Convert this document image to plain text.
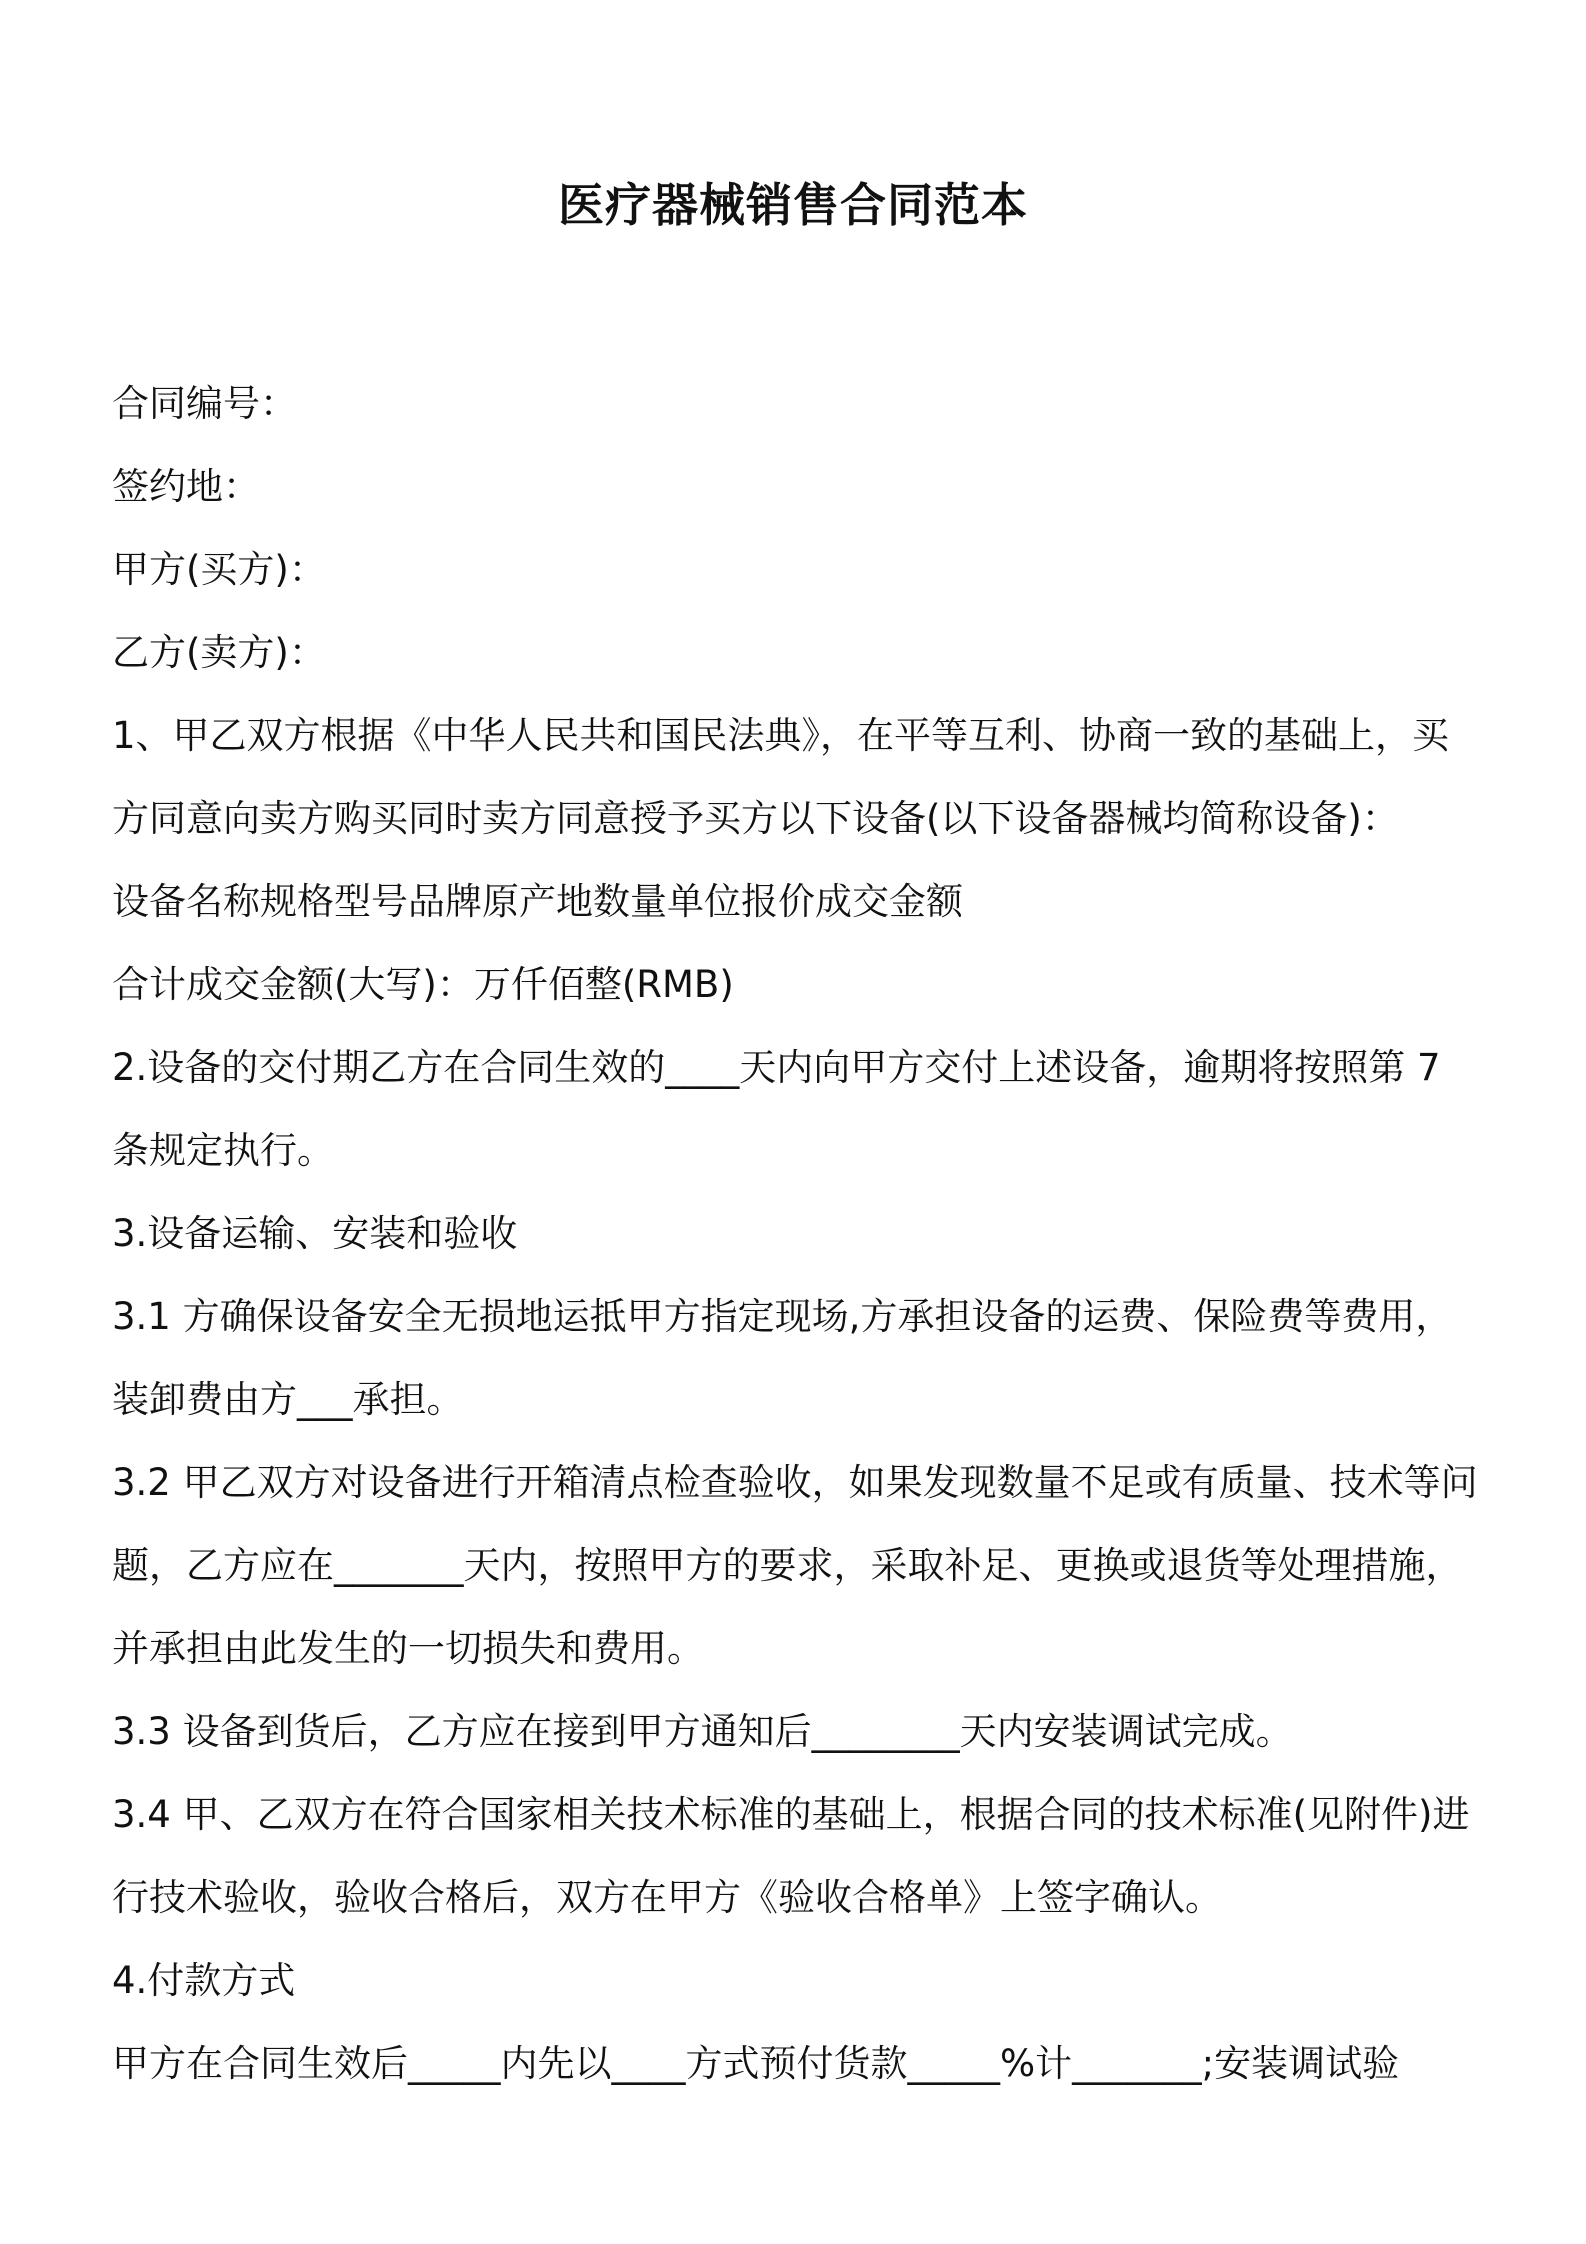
医疗器械销售合同范本
合同编号：
签约地：
甲方(买方)：
乙方(卖方)：
1、甲乙双方根据《中华人民共和国民法典》，在平等互利、协商一致的基础上，买
方同意向卖方购买同时卖方同意授予买方以下设备(以下设备器械均简称设备)：
设备名称规格型号品牌原产地数量单位报价成交金额
合计成交金额(大写)：万仟佰整(RMB)
2.设备的交付期乙方在合同生效的____天内向甲方交付上述设备，逾期将按照第 7
条规定执行。
3.设备运输、安装和验收
3.1 方确保设备安全无损地运抵甲方指定现场,方承担设备的运费、保险费等费用，
装卸费由方___承担。
3.2 甲乙双方对设备进行开箱清点检查验收，如果发现数量不足或有质量、技术等问
题，乙方应在_______天内，按照甲方的要求，采取补足、更换或退货等处理措施，
并承担由此发生的一切损失和费用。
3.3 设备到货后，乙方应在接到甲方通知后________天内安装调试完成。
3.4 甲、乙双方在符合国家相关技术标准的基础上，根据合同的技术标准(见附件)进
行技术验收，验收合格后，双方在甲方《验收合格单》上签字确认。
4.付款方式
甲方在合同生效后_____内先以____方式预付货款_____%计_______;安装调试验
